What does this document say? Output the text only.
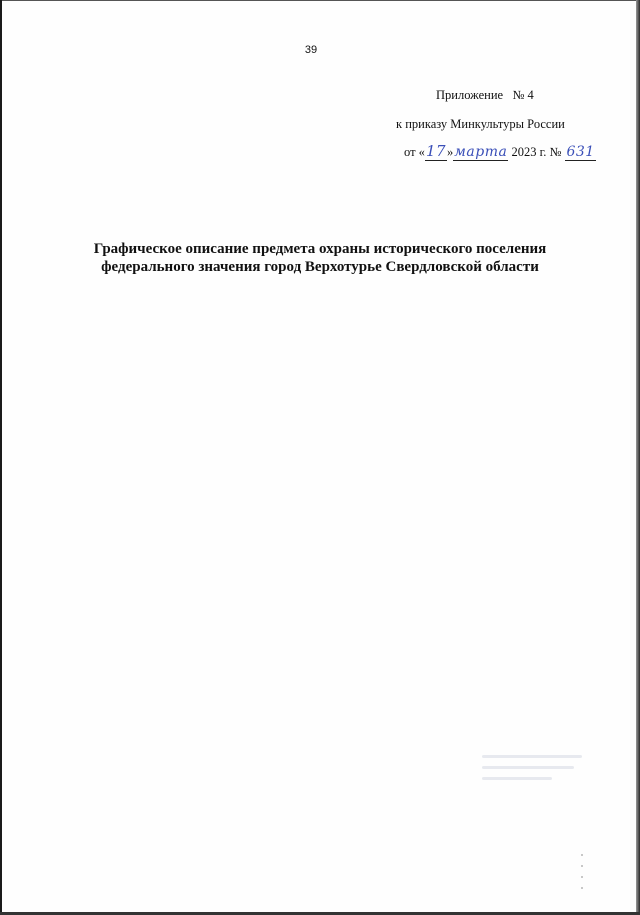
39
Приложение   № 4
к приказу Минкультуры России
от «17»марта 2023 г. № 631
Графическое описание предмета охраны исторического поселения
федерального значения город Верхотурье Свердловской области
